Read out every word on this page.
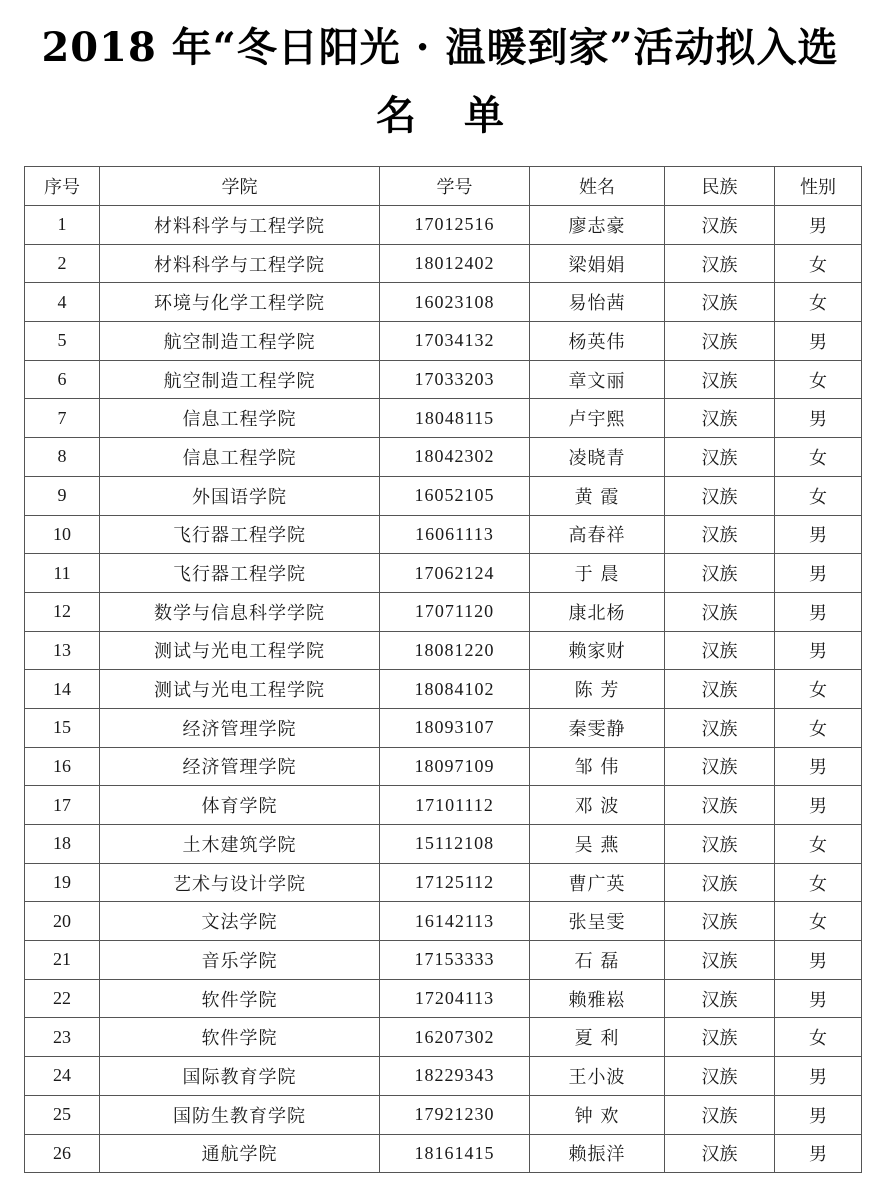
2018 年“冬日阳光 · 温暖到家”活动拟入选
名单
序号	学院	学号	姓名	民族	性别
1	材料科学与工程学院	17012516	廖志豪	汉族	男
2	材料科学与工程学院	18012402	梁娟娟	汉族	女
4	环境与化学工程学院	16023108	易怡茜	汉族	女
5	航空制造工程学院	17034132	杨英伟	汉族	男
6	航空制造工程学院	17033203	章文丽	汉族	女
7	信息工程学院	18048115	卢宇熙	汉族	男
8	信息工程学院	18042302	凌晓青	汉族	女
9	外国语学院	16052105	黄 霞	汉族	女
10	飞行器工程学院	16061113	高春祥	汉族	男
11	飞行器工程学院	17062124	于 晨	汉族	男
12	数学与信息科学学院	17071120	康北杨	汉族	男
13	测试与光电工程学院	18081220	赖家财	汉族	男
14	测试与光电工程学院	18084102	陈 芳	汉族	女
15	经济管理学院	18093107	秦雯静	汉族	女
16	经济管理学院	18097109	邹 伟	汉族	男
17	体育学院	17101112	邓 波	汉族	男
18	土木建筑学院	15112108	吴 燕	汉族	女
19	艺术与设计学院	17125112	曹广英	汉族	女
20	文法学院	16142113	张呈雯	汉族	女
21	音乐学院	17153333	石 磊	汉族	男
22	软件学院	17204113	赖雅崧	汉族	男
23	软件学院	16207302	夏 利	汉族	女
24	国际教育学院	18229343	王小波	汉族	男
25	国防生教育学院	17921230	钟 欢	汉族	男
26	通航学院	18161415	赖振洋	汉族	男
